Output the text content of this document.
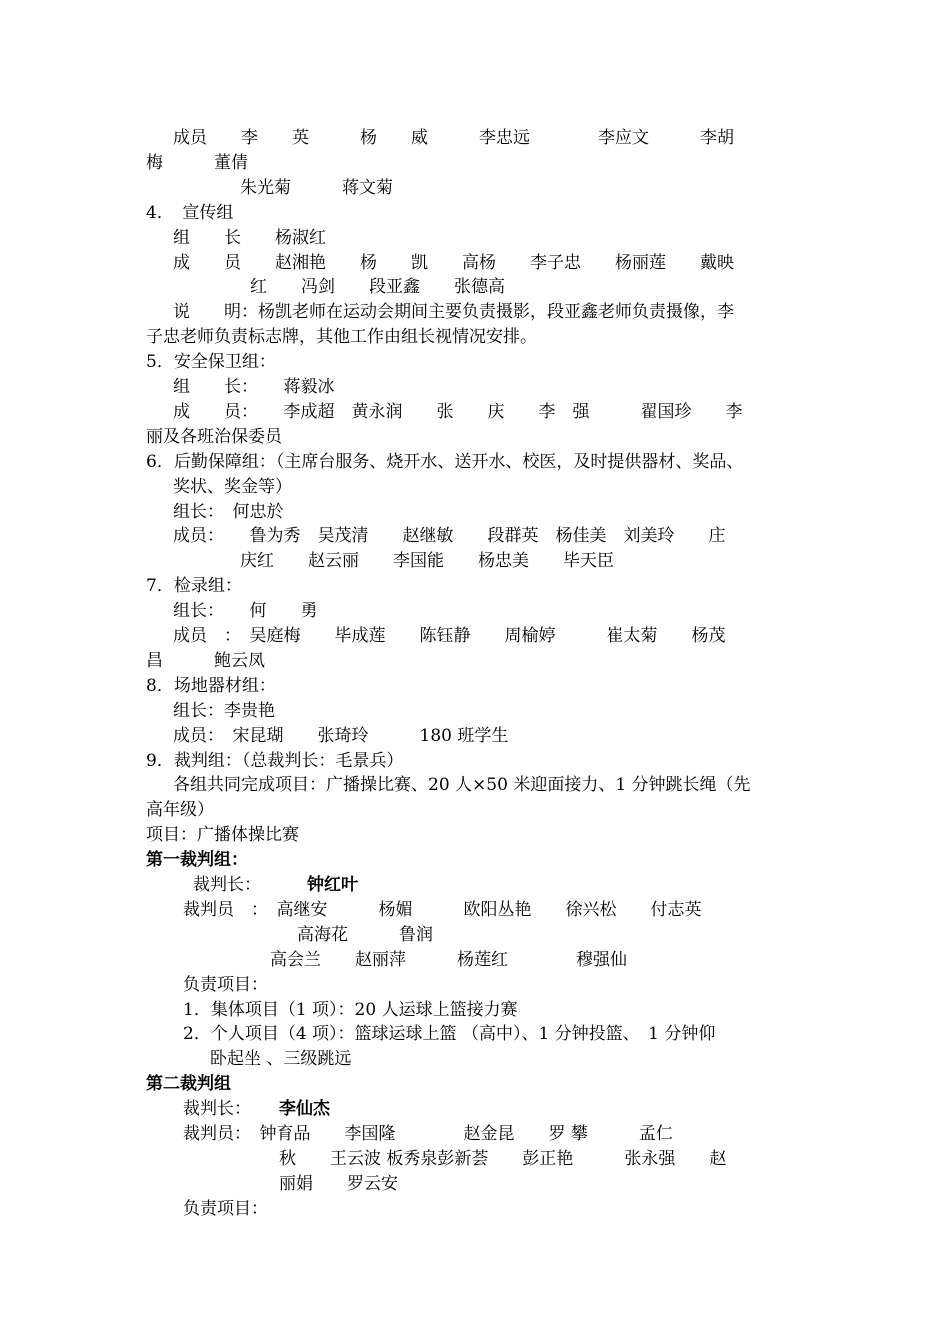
成员　　李　　英　　　杨　　威　　　李忠远　　　　李应文　　　李胡
梅　　　董倩
朱光菊　　　蒋文菊
4．　宣传组
组　　长　　杨淑红
成　　员　　赵湘艳　　杨　　凯　　高杨　　李子忠　　杨丽莲　　戴映
红　　冯剑　　段亚鑫　　张德高
说　　明：杨凯老师在运动会期间主要负责摄影，段亚鑫老师负责摄像，李
子忠老师负责标志牌，其他工作由组长视情况安排。
5．安全保卫组：
组　　长：　　蒋毅冰
成　　员：　　李成超　黄永润　　张　　庆　　李　强　　　翟国珍　　李
丽及各班治保委员
6．后勤保障组：（主席台服务、烧开水、送开水、校医，及时提供器材、奖品、
奖状、奖金等）
组长：　何忠於
成员：　　鲁为秀　吴茂清　　赵继敏　　段群英　杨佳美　刘美玲　　庄
庆红　　赵云丽　　李国能　　杨忠美　　毕天臣
7．检录组：
组长：　　何　　勇
成员　：　吴庭梅　　毕成莲　　陈钰静　　周榆婷　　　崔太菊　　杨茂
昌　　　鲍云凤
8．场地器材组：
组长：李贵艳
成员：　宋昆瑚　　张琦玲　　　180 班学生
9．裁判组：（总裁判长：毛景兵）
各组共同完成项目：广播操比赛、20 人×50 米迎面接力、1 分钟跳长绳（先
高年级）
项目：广播体操比赛
第一裁判组：
裁判长：	钟红叶
裁判员　：　高继安　　　杨媚　　　欧阳丛艳　　徐兴松　　付志英
高海花　　　鲁润
高会兰　　赵丽萍　　　杨莲红　　　　穆强仙
负责项目：
1．集体项目（1 项）：20 人运球上篮接力赛
2．个人项目（4 项）：篮球运球上篮 （高中）、1 分钟投篮、　1 分钟仰
卧起坐 、三级跳远
第二裁判组
裁判长： 李仙杰
裁判员：　钟育品　　李国隆　　　　赵金昆　　罗 攀　　　孟仁
秋　　王云波 板秀泉彭新荟　　彭正艳　　　张永强　　赵
丽娟　　罗云安
负责项目：
